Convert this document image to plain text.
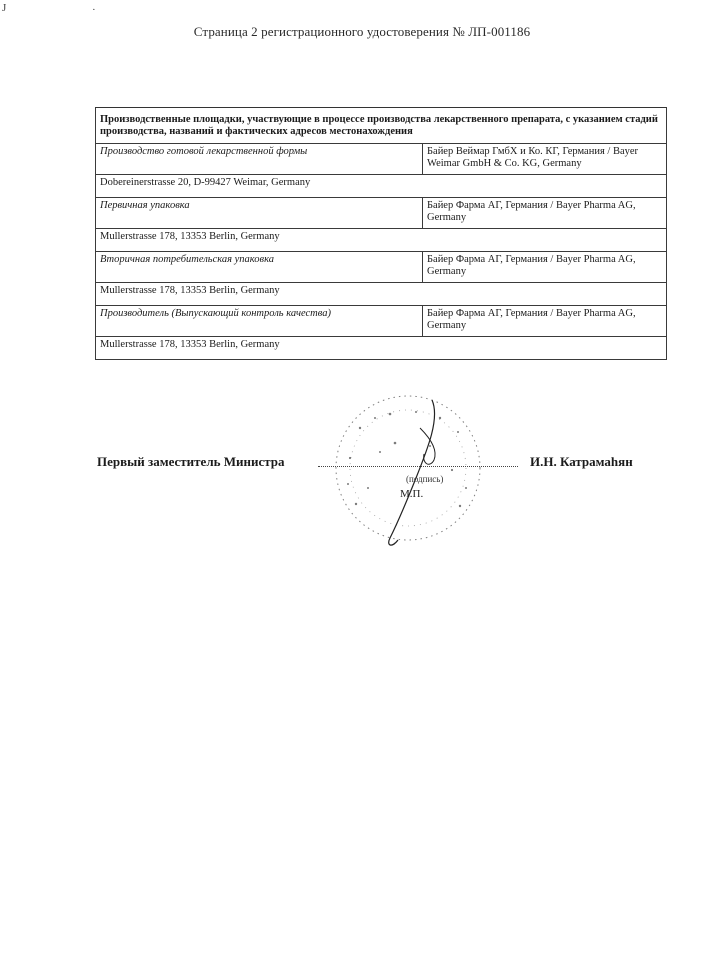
J	·
Страница 2 регистрационного удостоверения № ЛП-001186
Производственные площадки, участвующие в процессе производства лекарственного препарата, с указанием стадий производства, названий и фактических адресов местонахождения	
Производство готовой лекарственной формы	Байер Веймар ГмбХ и Ко. КГ, Германия / Bayer Weimar GmbH & Co. KG, Germany
Dobereinerstrasse 20, D-99427 Weimar, Germany	
Первичная упаковка	Байер Фарма АГ, Германия / Bayer Pharma AG, Germany
Mullerstrasse 178, 13353 Berlin, Germany	
Вторичная потребительская упаковка	Байер Фарма АГ, Германия / Bayer Pharma AG, Germany
Mullerstrasse 178, 13353 Berlin, Germany	
Производитель (Выпускающий контроль качества)	Байер Фарма АГ, Германия / Bayer Pharma AG, Germany
Mullerstrasse 178, 13353 Berlin, Germany	
Первый заместитель Министра	И.Н. Катрамаһян
(подпись)
М.П.
